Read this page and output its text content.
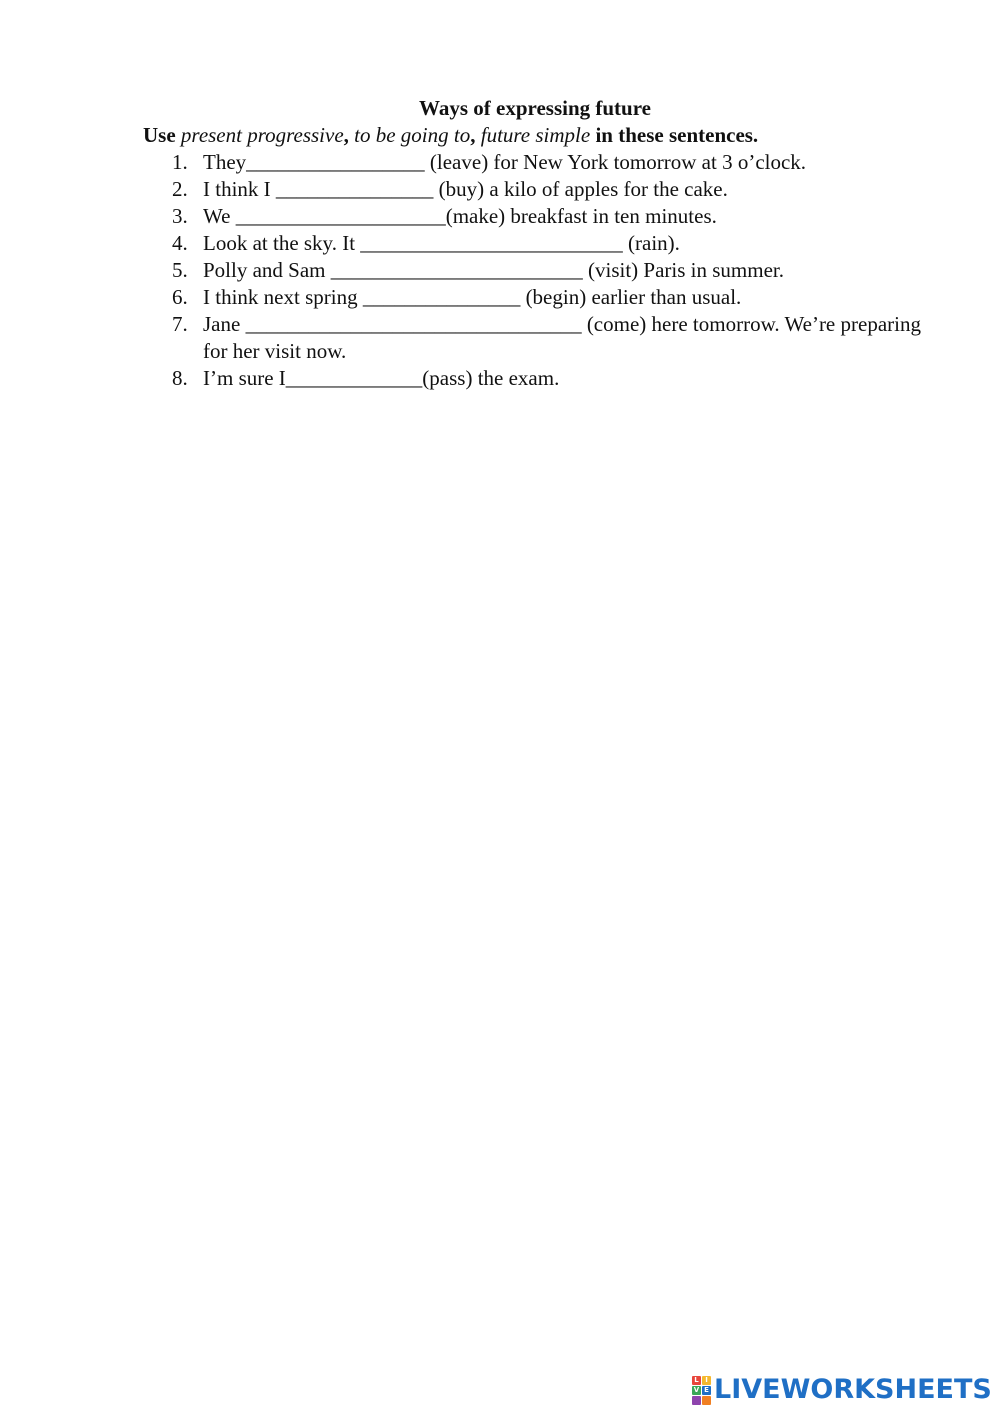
Ways of expressing future
Use present progressive, to be going to, future simple in these sentences.
1. They_________________ (leave) for New York tomorrow at 3 o’clock.
2. I think I _______________ (buy) a kilo of apples for the cake.
3. We ____________________(make) breakfast in ten minutes.
4. Look at the sky. It _________________________ (rain).
5. Polly and Sam ________________________ (visit) Paris in summer.
6. I think next spring _______________ (begin) earlier than usual.
7. Jane ________________________________ (come) here tomorrow. We’re preparing for her visit now.
8. I’m sure I_____________(pass) the exam.
L I
V E LIVEWORKSHEETS
